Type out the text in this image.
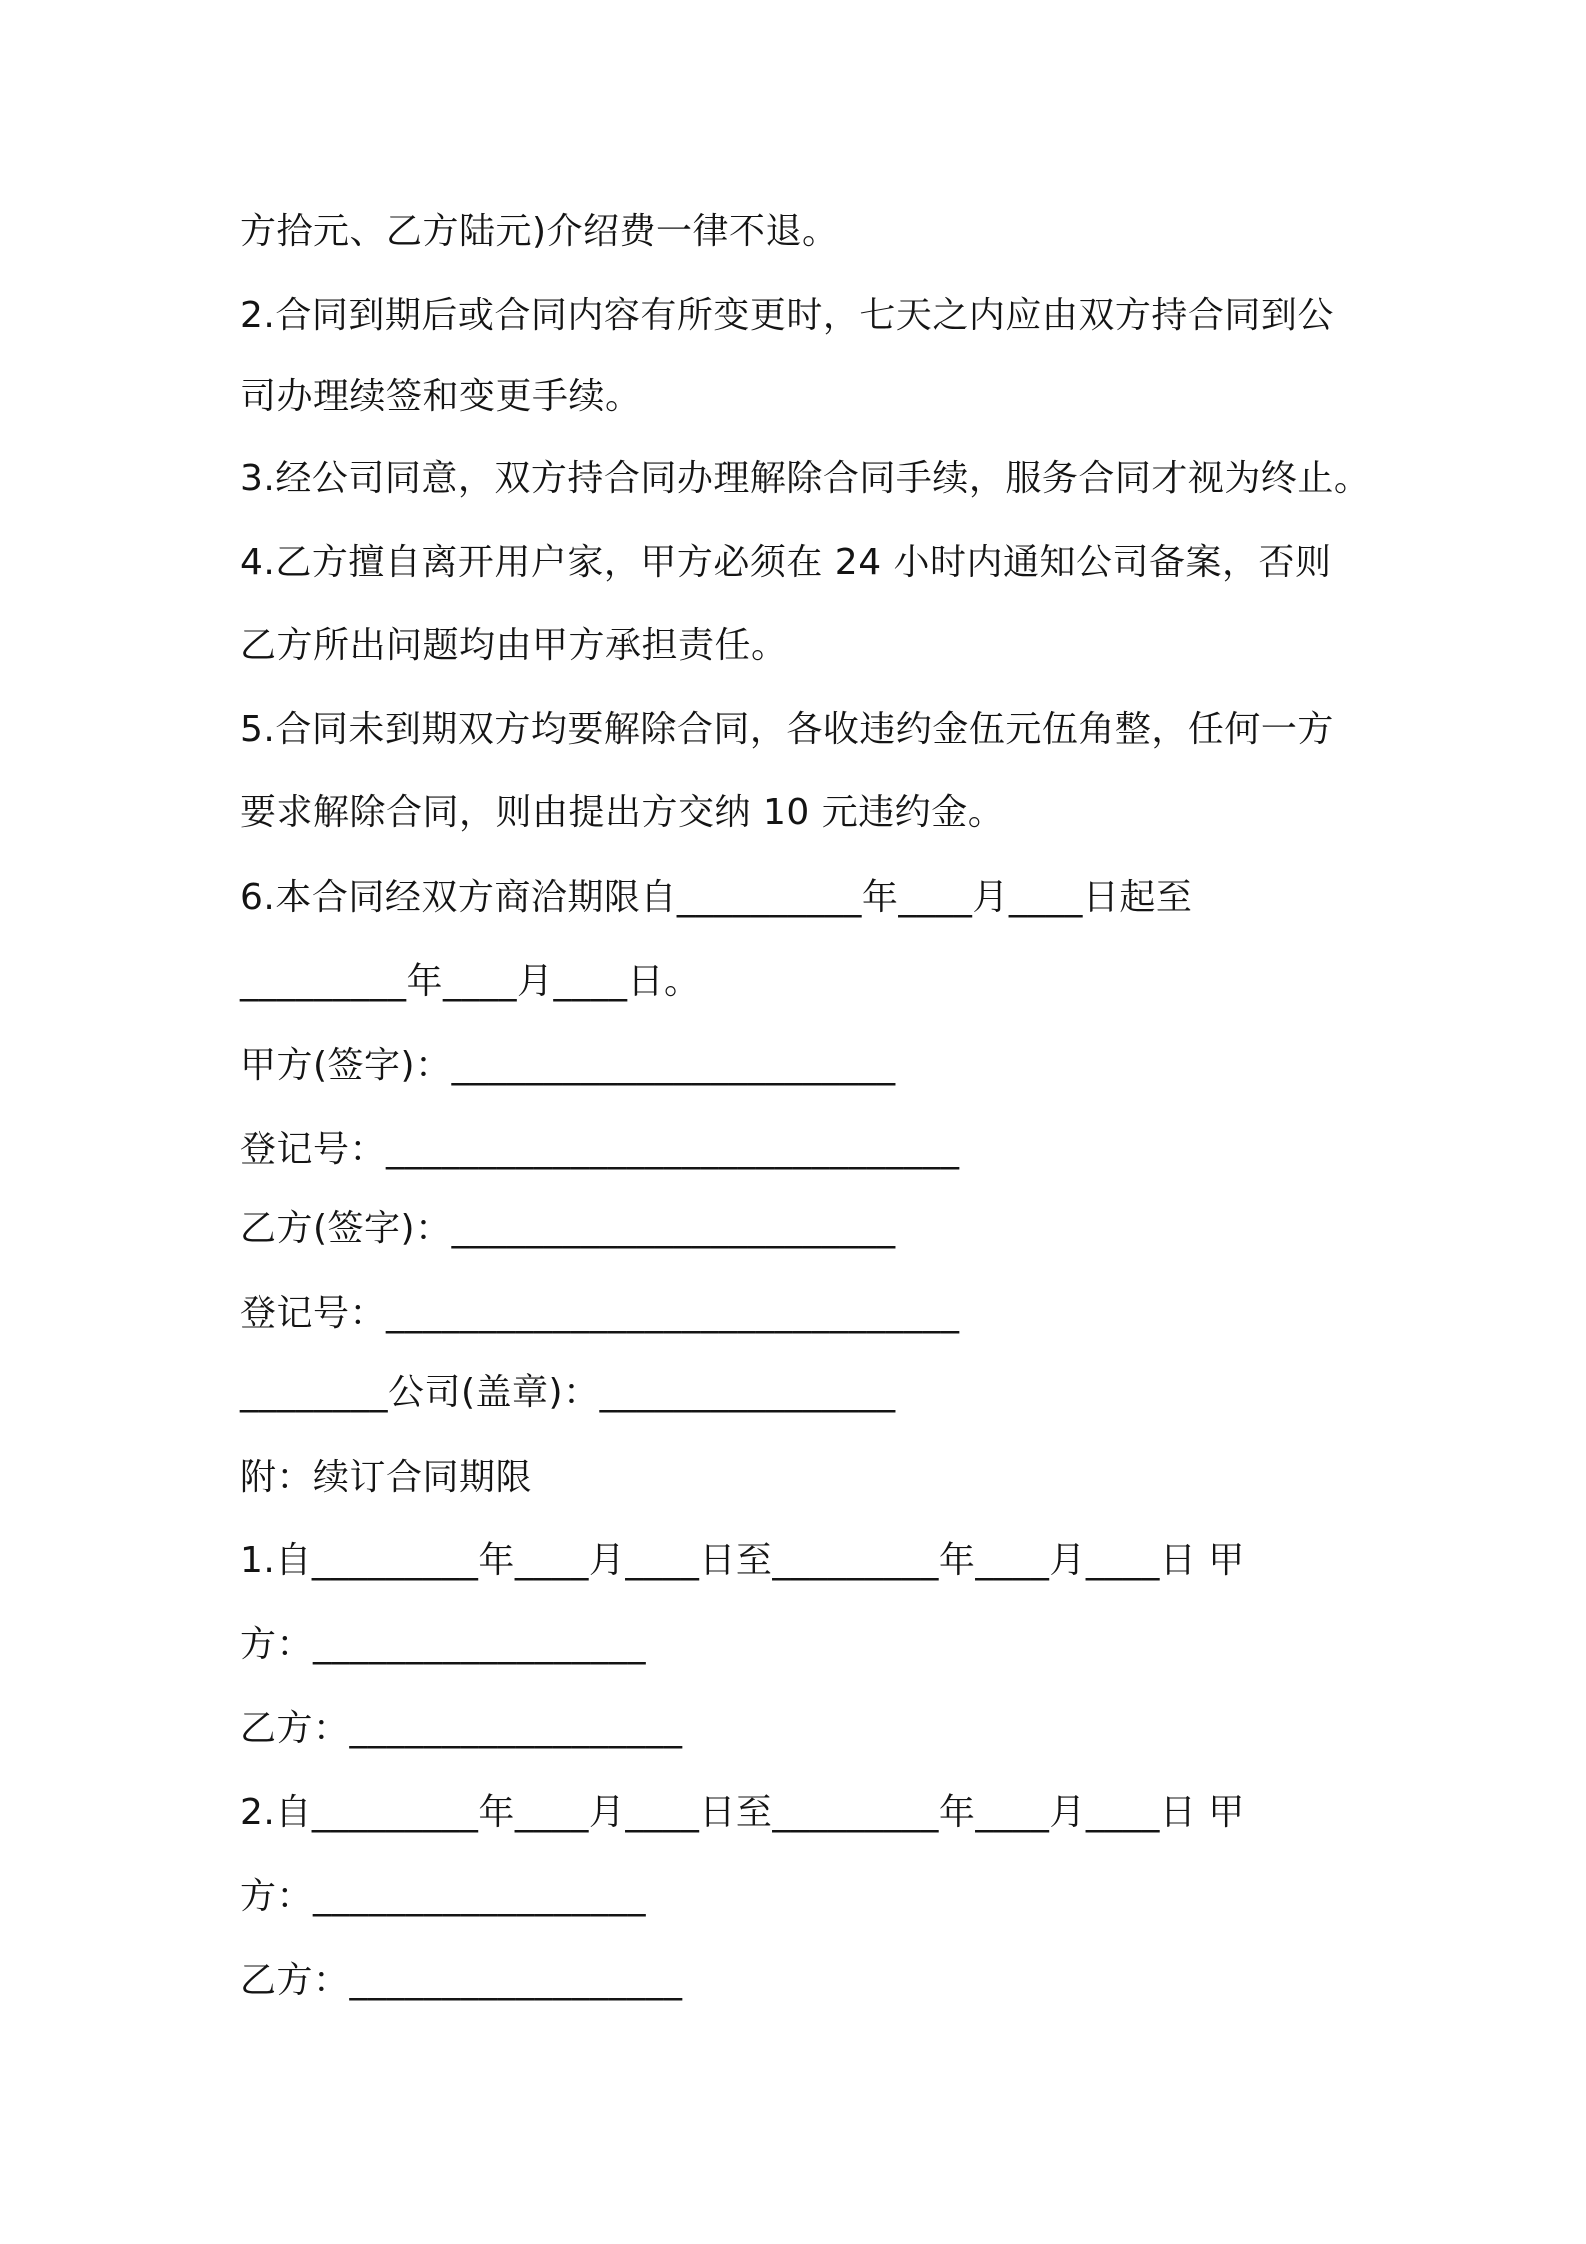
方拾元、乙方陆元)介绍费一律不退。
2.合同到期后或合同内容有所变更时，七天之内应由双方持合同到公
司办理续签和变更手续。
3.经公司同意，双方持合同办理解除合同手续，服务合同才视为终止。
4.乙方擅自离开用户家，甲方必须在 24 小时内通知公司备案，否则
乙方所出问题均由甲方承担责任。
5.合同未到期双方均要解除合同，各收违约金伍元伍角整，任何一方
要求解除合同，则由提出方交纳 10 元违约金。
6.本合同经双方商洽期限自__________年____月____日起至
_________年____月____日。
甲方(签字)：________________________
登记号：_______________________________
乙方(签字)：________________________
登记号：_______________________________
________公司(盖章)：________________
附：续订合同期限
1.自_________年____月____日至_________年____月____日 甲
方：__________________
乙方：__________________
2.自_________年____月____日至_________年____月____日 甲
方：__________________
乙方：__________________
